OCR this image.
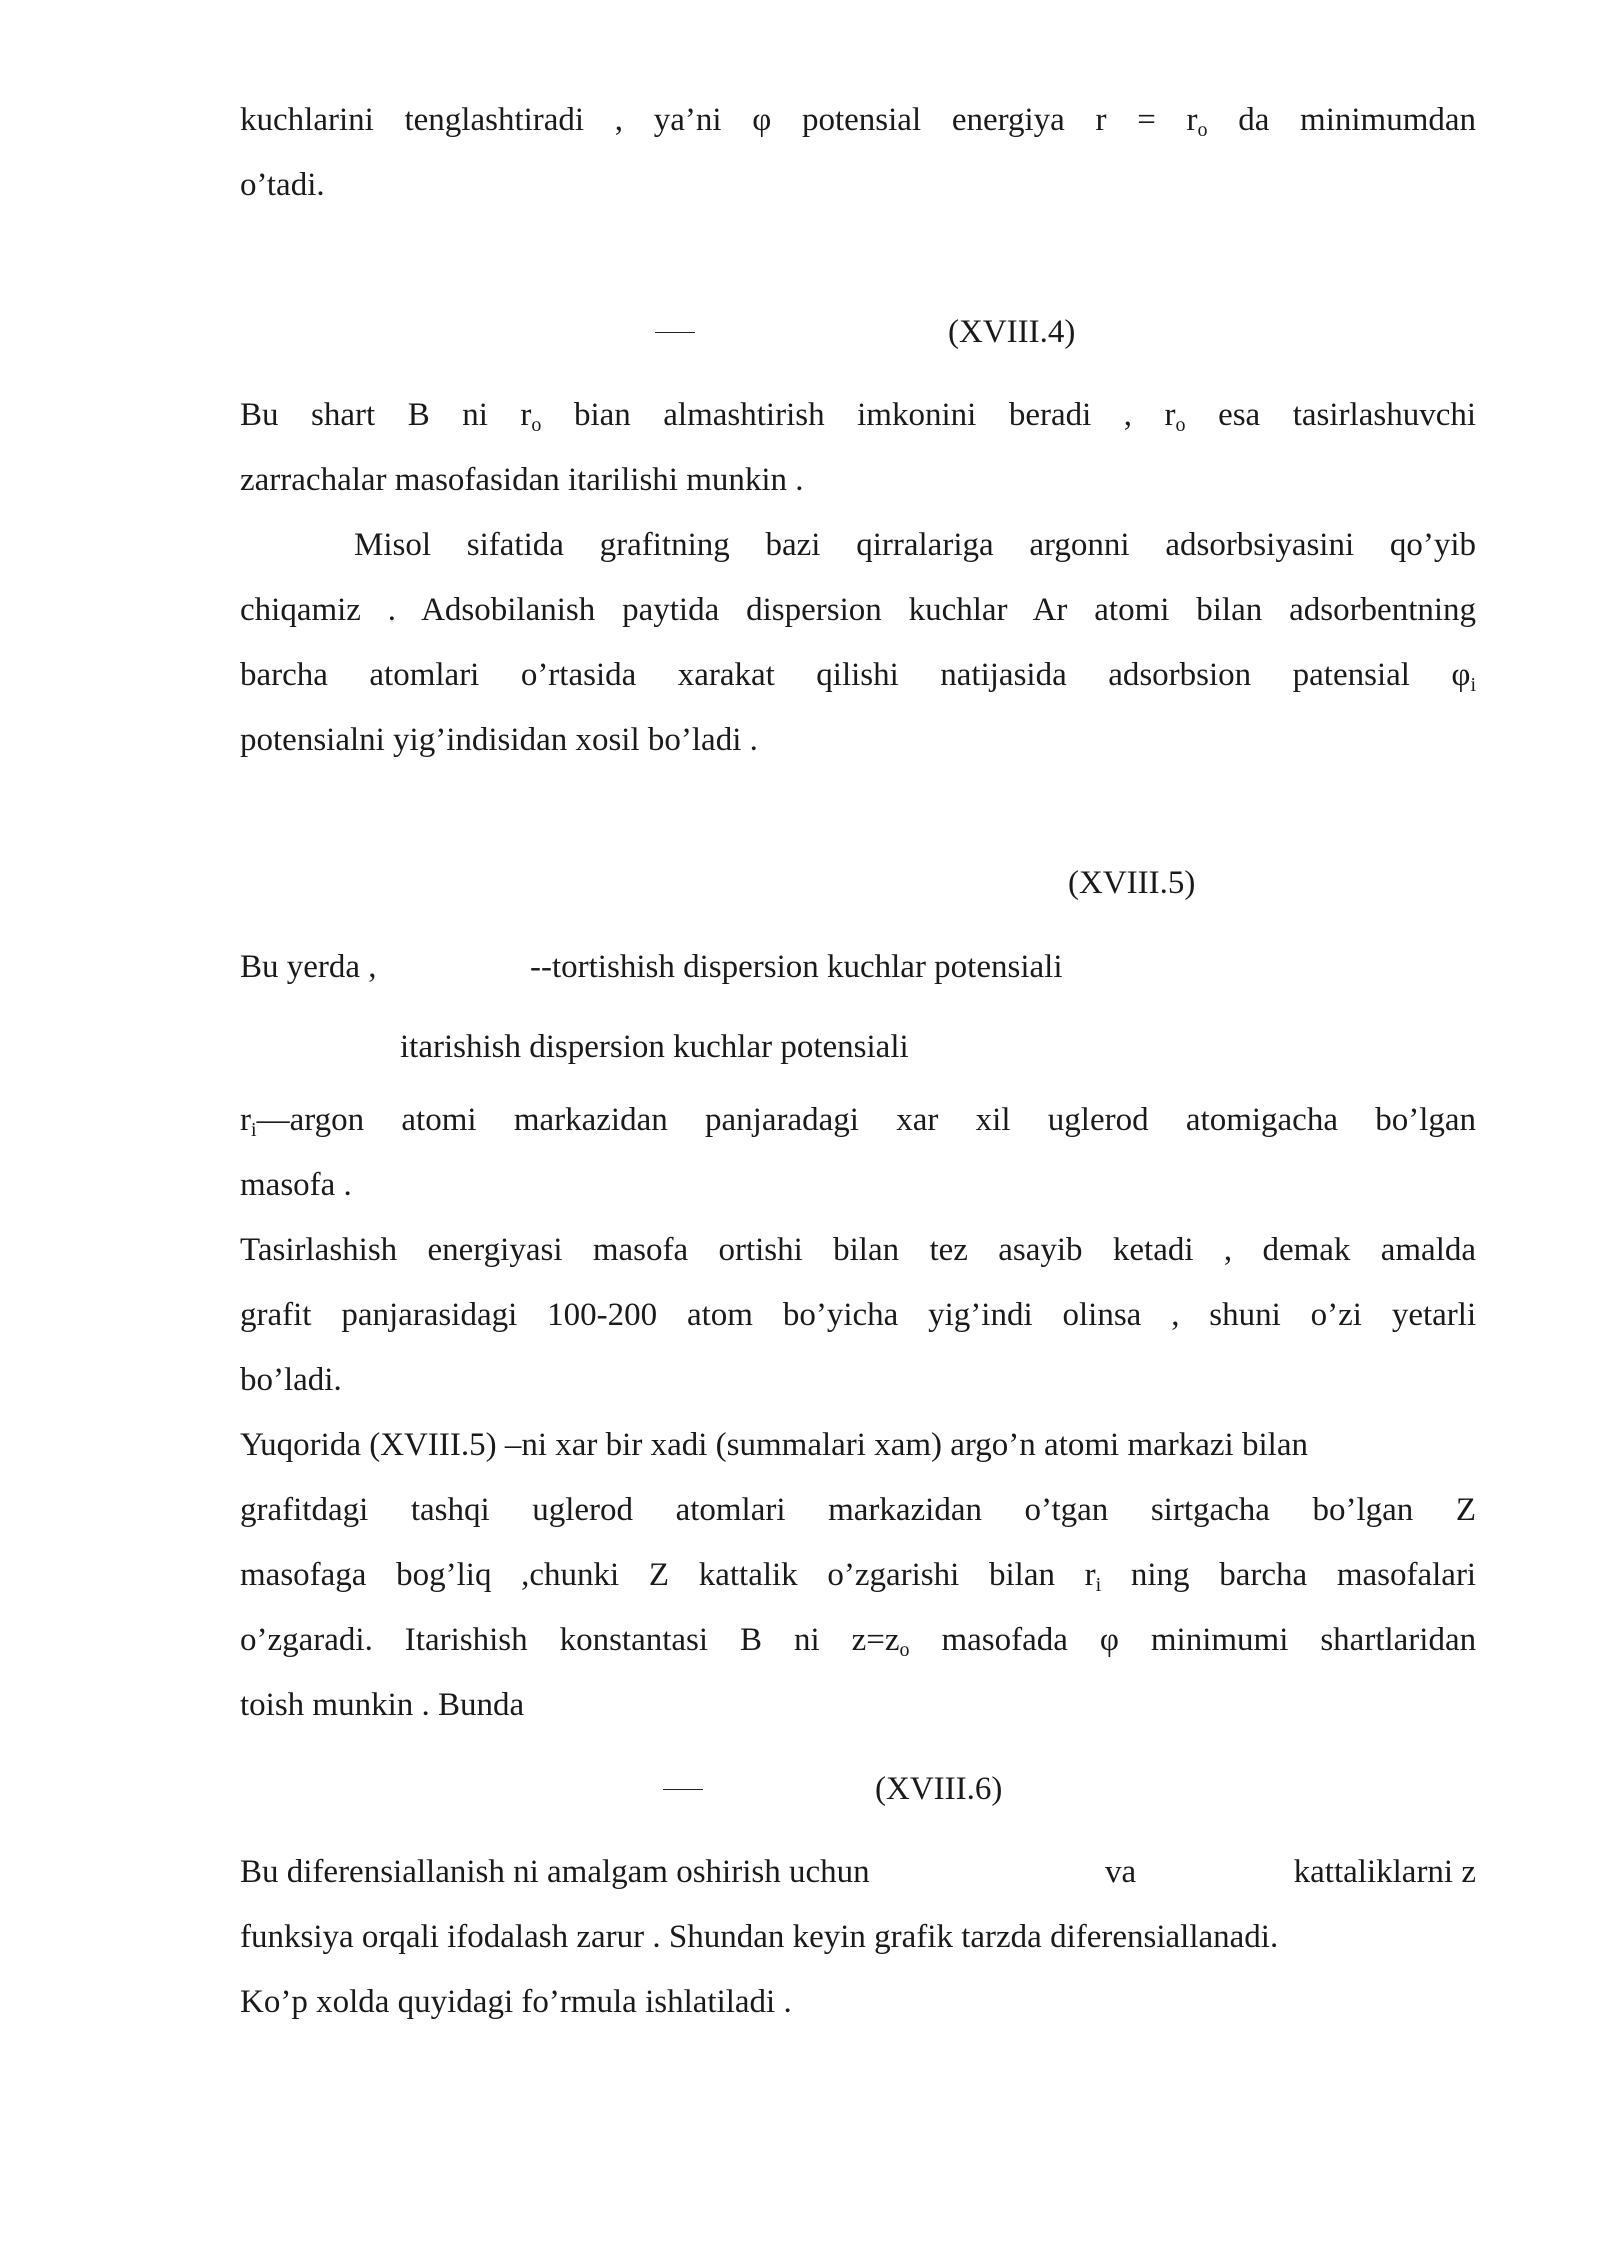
kuchlarini tenglashtiradi , ya’ni φ potensial energiya $r = r_o$ da minimumdan
o’tadi.
(XVIII.4)
Bu shart B ni $r_o$ bian almashtirish imkonini beradi , $r_o$ esa tasirlashuvchi
zarrachalar masofasidan itarilishi munkin .
Misol sifatida grafitning bazi qirralariga argonni adsorbsiyasini qo’yib
chiqamiz . Adsobilanish paytida dispersion kuchlar Ar atomi bilan adsorbentning
barcha atomlari o’rtasida xarakat qilishi natijasida adsorbsion patensial $\varphi_i$
potensialni yig’indisidan xosil bo’ladi .
(XVIII.5)
Bu yerda ,	--tortishish dispersion kuchlar potensiali
itarishish dispersion kuchlar potensiali
$r_i—argon$ atomi markazidan panjaradagi xar xil uglerod atomigacha bo’lgan
masofa .
Tasirlashish energiyasi masofa ortishi bilan tez asayib ketadi , demak amalda
grafit panjarasidagi 100-200 atom bo’yicha yig’indi olinsa , shuni o’zi yetarli
bo’ladi.
Yuqorida (XVIII.5) –ni xar bir xadi (summalari xam) argo’n atomi markazi bilan
grafitdagi tashqi uglerod atomlari markazidan o’tgan sirtgacha bo’lgan Z
masofaga bog’liq ,chunki Z kattalik o’zgarishi bilan $r_i$ ning barcha masofalari
o’zgaradi. Itarishish konstantasi B ni $z=z_o$ masofada φ minimumi shartlaridan
toish munkin . Bunda
(XVIII.6)
Bu diferensiallanish ni amalgam oshirish uchun	va	kattaliklarni z
funksiya orqali ifodalash zarur . Shundan keyin grafik tarzda diferensiallanadi.
Ko’p xolda quyidagi fo’rmula ishlatiladi .
